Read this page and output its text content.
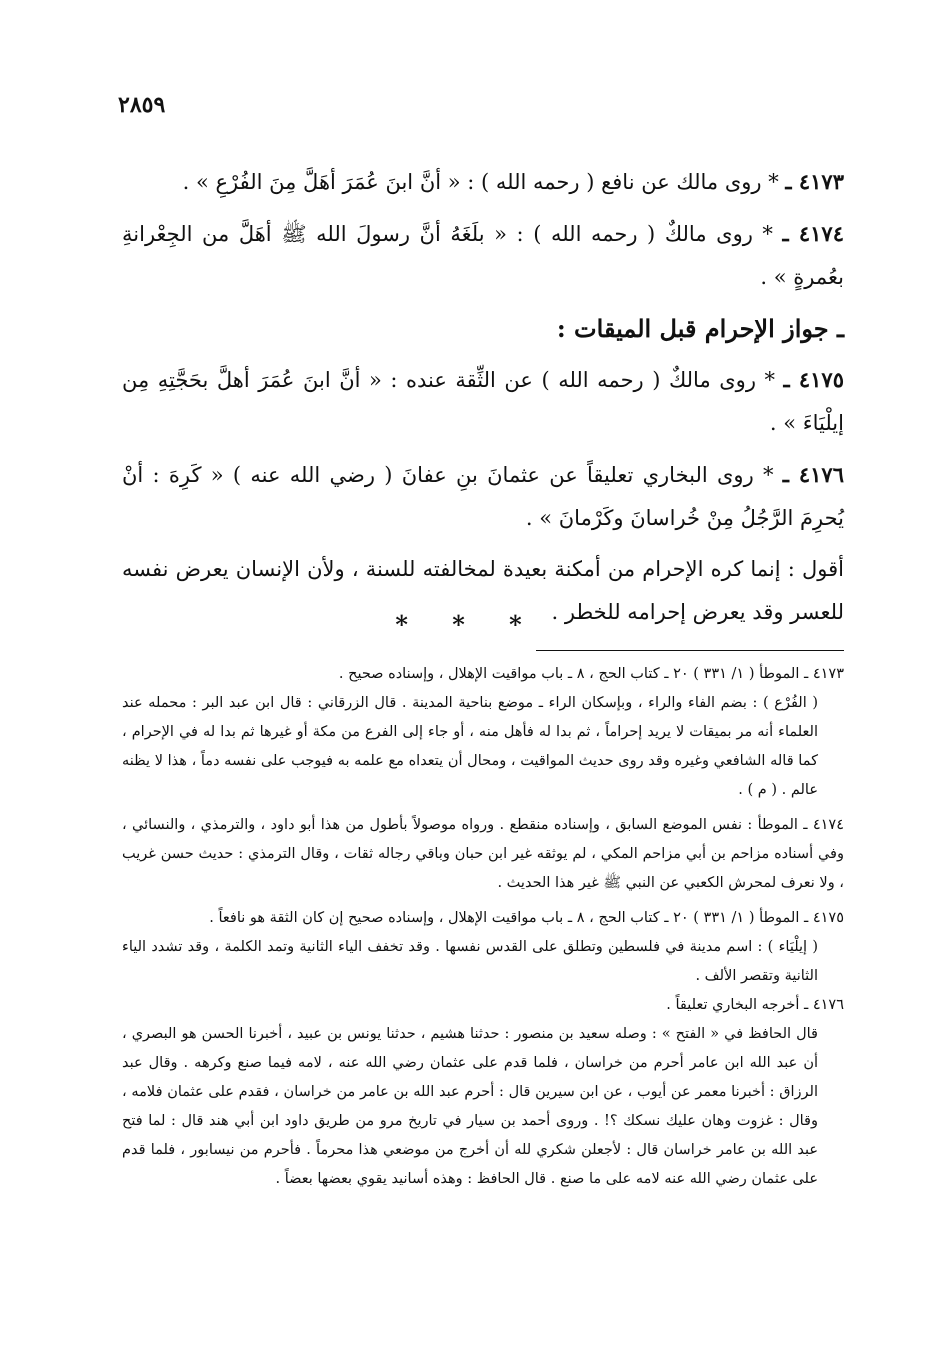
٢٨٥٩

٤١٧٣ ـ * روى مالك عن نافع ( رحمه الله ) : « أنَّ ابنَ عُمَرَ أهَلَّ مِنَ الفُرْعِ » .

٤١٧٤ ـ * روى مالكٌ ( رحمه الله ) : « بلَغَهُ أنَّ رسولَ الله ﷺ أهَلَّ من الجِعْرانةِ بعُمرةٍ » .

ـ جواز الإحرام قبل الميقات :

٤١٧٥ ـ * روى مالكٌ ( رحمه الله ) عن الثِّقة عنده : « أنَّ ابنَ عُمَرَ أهلَّ بحَجَّتِهِ مِن إيلْيَاءَ » .

٤١٧٦ ـ * روى البخاري تعليقاً عن عثمانَ بنِ عفانَ ( رضي الله عنه ) « كَرِهَ : أنْ يُحرِمَ الرَّجُلُ مِنْ خُراسانَ وكَرْمانَ » .

أقول : إنما كره الإحرام من أمكنة بعيدة لمخالفته للسنة ، ولأن الإنسان يعرض نفسه للعسر وقد يعرض إحرامه للخطر .

* * *

٤١٧٣ ـ الموطأ ( ١/ ٣٣١ ) ٢٠ ـ كتاب الحج ، ٨ ـ باب مواقيت الإهلال ، وإسناده صحيح .

( الفُرْع ) : بضم الفاء والراء ، وبإسكان الراء ـ موضع بناحية المدينة . قال الزرقاني : قال ابن عبد البر : محمله عند العلماء أنه مر بميقات لا يريد إحراماً ، ثم بدا له فأهل منه ، أو جاء إلى الفرع من مكة أو غيرها ثم بدا له في الإحرام ، كما قاله الشافعي وغيره وقد روى حديث المواقيت ، ومحال أن يتعداه مع علمه به فيوجب على نفسه دماً ، هذا لا يظنه عالم . ( م ) .

٤١٧٤ ـ الموطأ : نفس الموضع السابق ، وإسناده منقطع . ورواه موصولاً بأطول من هذا أبو داود ، والترمذي ، والنسائي ، وفي أسناده مزاحم بن أبي مزاحم المكي ، لم يوثقه غير ابن حبان وباقي رجاله ثقات ، وقال الترمذي : حديث حسن غريب ، ولا نعرف لمحرش الكعبي عن النبي ﷺ غير هذا الحديث .

٤١٧٥ ـ الموطأ ( ١/ ٣٣١ ) ٢٠ ـ كتاب الحج ، ٨ ـ باب مواقيت الإهلال ، وإسناده صحيح إن كان الثقة هو نافعاً .

( إيلْيَاء ) : اسم مدينة في فلسطين وتطلق على القدس نفسها . وقد تخفف الياء الثانية وتمد الكلمة ، وقد تشدد الياء الثانية وتقصر الألف .

٤١٧٦ ـ أخرجه البخاري تعليقاً .

قال الحافظ في « الفتح » : وصله سعيد بن منصور : حدثنا هشيم ، حدثنا يونس بن عبيد ، أخبرنا الحسن هو البصري ، أن عبد الله ابن عامر أحرم من خراسان ، فلما قدم على عثمان رضي الله عنه ، لامه فيما صنع وكرهه . وقال عبد الرزاق : أخبرنا معمر عن أيوب ، عن ابن سيرين قال : أحرم عبد الله بن عامر من خراسان ، فقدم على عثمان فلامه ، وقال : غزوت وهان عليك نسكك ؟! . وروى أحمد بن سيار في تاريخ مرو من طريق داود ابن أبي هند قال : لما فتح عبد الله بن عامر خراسان قال : لأجعلن شكري لله أن أخرج من موضعي هذا محرماً . فأحرم من نيسابور ، فلما قدم على عثمان رضي الله عنه لامه على ما صنع . قال الحافظ : وهذه أسانيد يقوي بعضها بعضاً .
